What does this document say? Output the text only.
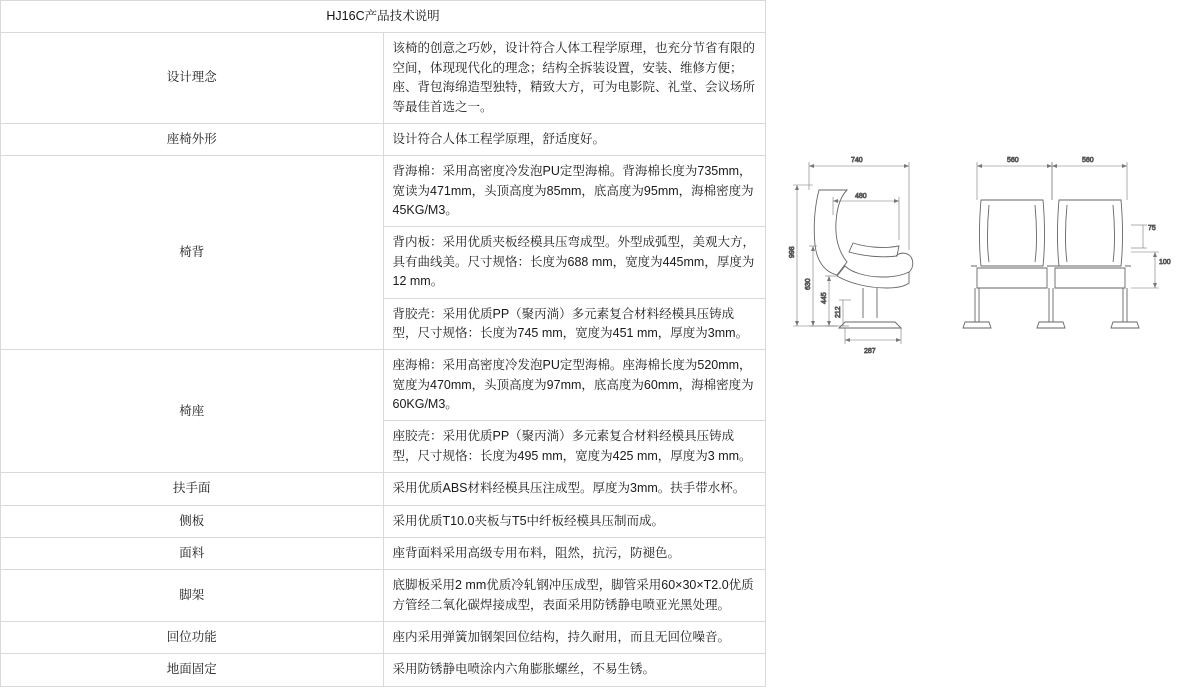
HJ16C产品技术说明	
设计理念	该椅的创意之巧妙，设计符合人体工程学原理，也充分节省有限的空间，体现现代化的理念；结构全拆装设置，安装、维修方便；座、背包海绵造型独特，精致大方，可为电影院、礼堂、会议场所等最佳首选之一。
座椅外形	设计符合人体工程学原理，舒适度好。
椅背	背海棉：采用高密度冷发泡PU定型海棉。背海棉长度为735mm，宽读为471mm，头顶高度为85mm，底高度为95mm，海棉密度为45KG/M3。
	背内板：采用优质夹板经模具压弯成型。外型成弧型，美观大方，具有曲线美。尺寸规恪：长度为688 mm，宽度为445mm，厚度为12 mm。
	背胶壳：采用优质PP（聚丙淌）多元素复合材料经模具压铸成型，尺寸规恪：长度为745 mm，宽度为451 mm，厚度为3mm。
椅座	座海棉：采用高密度冷发泡PU定型海棉。座海棉长度为520mm，宽度为470mm，头顶高度为97mm，底高度为60mm，海棉密度为60KG/M3。
	座胶壳：采用优质PP（聚丙淌）多元素复合材料经模具压铸成型，尺寸规恪：长度为495 mm，宽度为425 mm，厚度为3 mm。
扶手面	采用优质ABS材料经模具压注成型。厚度为3mm。扶手带水杯。
侧板	采用优质T10.0夹板与T5中纤板经模具压制而成。
面料	座背面料采用高级专用布料，阻然，抗污，防褪色。
脚架	底脚板采用2 mm优质冷轧钢冲压成型，脚管采用60×30×T2.0优质方管经二氧化碳焊接成型，表面采用防锈静电喷亚光黑处理。
回位功能	座内采用弹簧加钢架回位结构，持久耐用，而且无回位噪音。
地面固定	采用防锈静电喷涂内六角膨胀螺丝，不易生锈。
740
480
998
630
445
212
287
560	560
75
100
